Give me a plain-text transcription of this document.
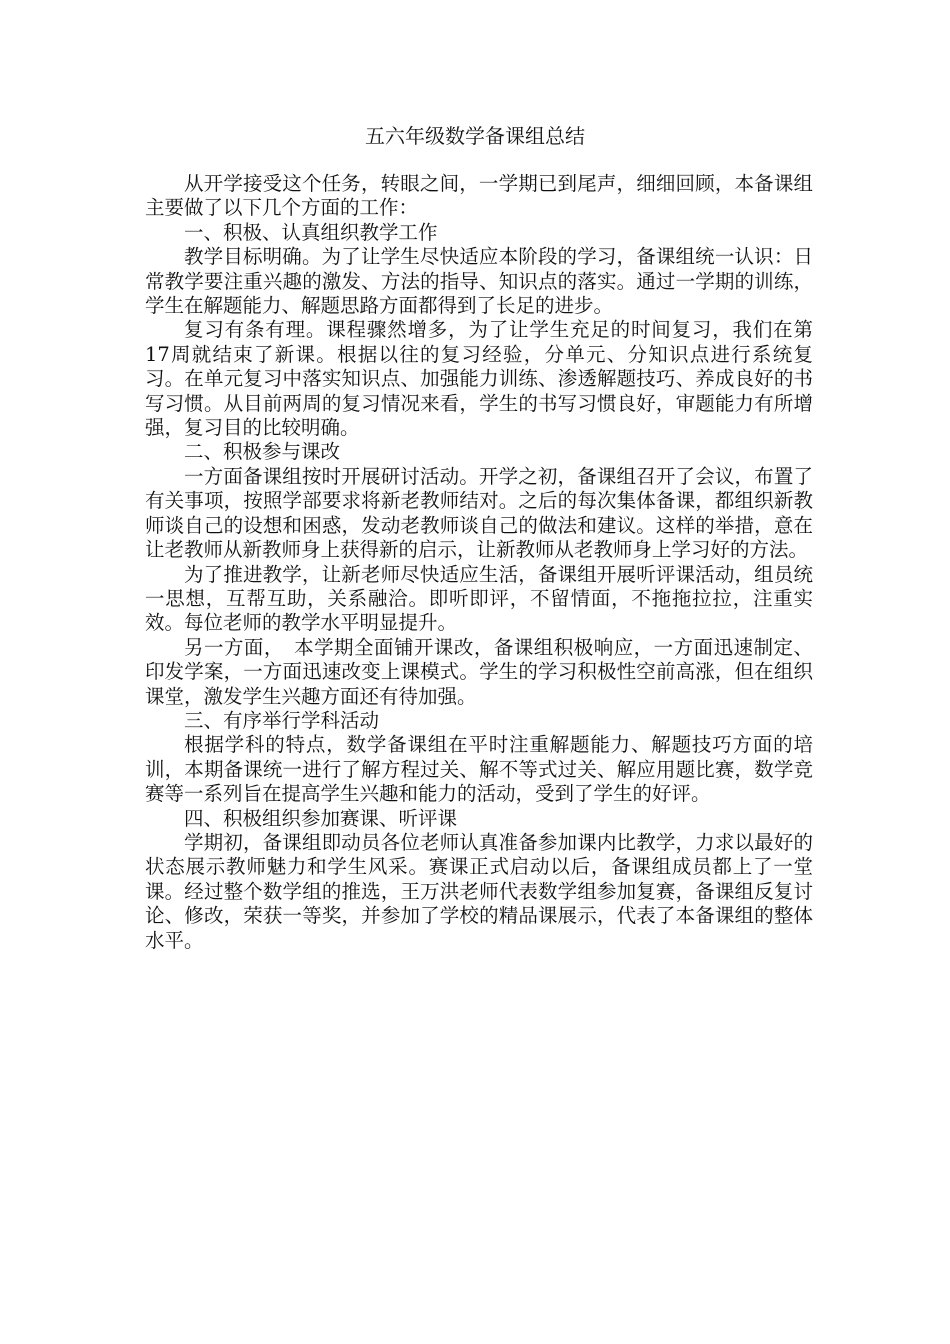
五六年级数学备课组总结

从开学接受这个任务，转眼之间，一学期已到尾声，细细回顾，本备课组主要做了以下几个方面的工作：

一、积极、认真组织教学工作

教学目标明确。为了让学生尽快适应本阶段的学习，备课组统一认识：日常教学要注重兴趣的激发、方法的指导、知识点的落实。通过一学期的训练，学生在解题能力、解题思路方面都得到了长足的进步。

复习有条有理。课程骤然增多，为了让学生充足的时间复习，我们在第17周就结束了新课。根据以往的复习经验，分单元、分知识点进行系统复习。在单元复习中落实知识点、加强能力训练、渗透解题技巧、养成良好的书写习惯。从目前两周的复习情况来看，学生的书写习惯良好，审题能力有所增强，复习目的比较明确。

二、积极参与课改

一方面备课组按时开展研讨活动。开学之初，备课组召开了会议，布置了有关事项，按照学部要求将新老教师结对。之后的每次集体备课，都组织新教师谈自己的设想和困惑，发动老教师谈自己的做法和建议。这样的举措，意在让老教师从新教师身上获得新的启示，让新教师从老教师身上学习好的方法。

为了推进教学，让新老师尽快适应生活，备课组开展听评课活动，组员统一思想，互帮互助，关系融洽。即听即评，不留情面，不拖拖拉拉，注重实效。每位老师的教学水平明显提升。

另一方面，　本学期全面铺开课改，备课组积极响应，一方面迅速制定、印发学案，一方面迅速改变上课模式。学生的学习积极性空前高涨，但在组织课堂，激发学生兴趣方面还有待加强。

三、有序举行学科活动

根据学科的特点，数学备课组在平时注重解题能力、解题技巧方面的培训，本期备课统一进行了解方程过关、解不等式过关、解应用题比赛，数学竞赛等一系列旨在提高学生兴趣和能力的活动，受到了学生的好评。

四、积极组织参加赛课、听评课

学期初，备课组即动员各位老师认真准备参加课内比教学，力求以最好的状态展示教师魅力和学生风采。赛课正式启动以后，备课组成员都上了一堂课。经过整个数学组的推选，王万洪老师代表数学组参加复赛，备课组反复讨论、修改，荣获一等奖，并参加了学校的精品课展示，代表了本备课组的整体水平。
